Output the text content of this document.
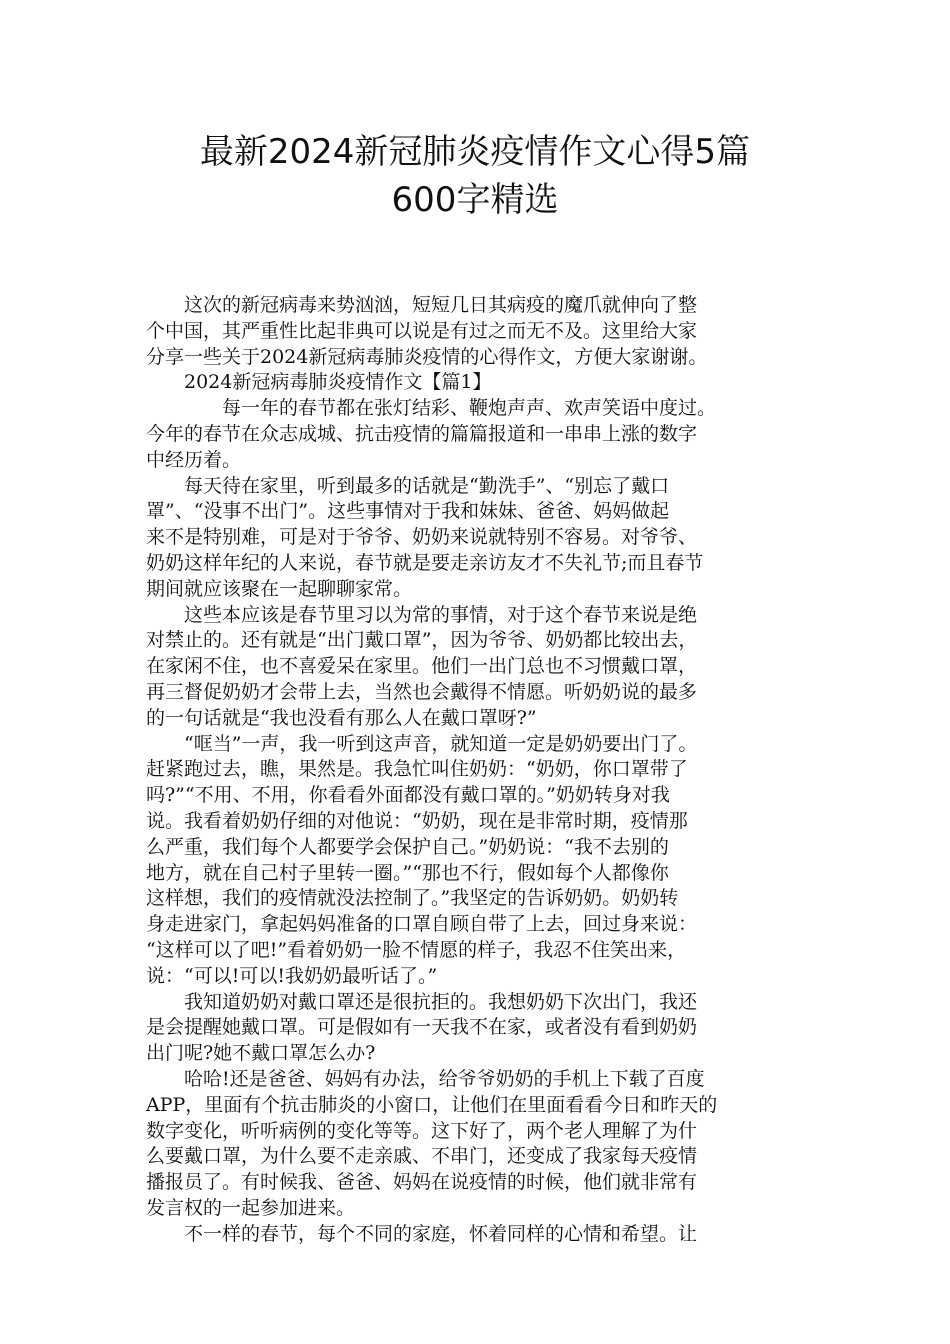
最新2024新冠肺炎疫情作文心得5篇
600字精选
　　这次的新冠病毒来势汹汹，短短几日其病疫的魔爪就伸向了整
个中国，其严重性比起非典可以说是有过之而无不及。这里给大家
分享一些关于2024新冠病毒肺炎疫情的心得作文，方便大家谢谢。
　　2024新冠病毒肺炎疫情作文【篇1】
　　　　每一年的春节都在张灯结彩、鞭炮声声、欢声笑语中度过。
今年的春节在众志成城、抗击疫情的篇篇报道和一串串上涨的数字
中经历着。
　　每天待在家里，听到最多的话就是“勤洗手”、“别忘了戴口
罩”、“没事不出门”。这些事情对于我和妹妹、爸爸、妈妈做起
来不是特别难，可是对于爷爷、奶奶来说就特别不容易。对爷爷、
奶奶这样年纪的人来说，春节就是要走亲访友才不失礼节;而且春节
期间就应该聚在一起聊聊家常。
　　这些本应该是春节里习以为常的事情，对于这个春节来说是绝
对禁止的。还有就是“出门戴口罩”，因为爷爷、奶奶都比较出去，
在家闲不住，也不喜爱呆在家里。他们一出门总也不习惯戴口罩，
再三督促奶奶才会带上去，当然也会戴得不情愿。听奶奶说的最多
的一句话就是“我也没看有那么人在戴口罩呀?”
　　“哐当”一声，我一听到这声音，就知道一定是奶奶要出门了。
赶紧跑过去，瞧，果然是。我急忙叫住奶奶：“奶奶，你口罩带了
吗?”“不用、不用，你看看外面都没有戴口罩的。”奶奶转身对我
说。我看着奶奶仔细的对他说：“奶奶，现在是非常时期，疫情那
么严重，我们每个人都要学会保护自己。”奶奶说：“我不去别的
地方，就在自己村子里转一圈。”“那也不行，假如每个人都像你
这样想，我们的疫情就没法控制了。”我坚定的告诉奶奶。奶奶转
身走进家门，拿起妈妈准备的口罩自顾自带了上去，回过身来说：
“这样可以了吧!”看着奶奶一脸不情愿的样子，我忍不住笑出来，
说：“可以!可以!我奶奶最听话了。”
　　我知道奶奶对戴口罩还是很抗拒的。我想奶奶下次出门，我还
是会提醒她戴口罩。可是假如有一天我不在家，或者没有看到奶奶
出门呢?她不戴口罩怎么办?
　　哈哈!还是爸爸、妈妈有办法，给爷爷奶奶的手机上下载了百度
APP，里面有个抗击肺炎的小窗口，让他们在里面看看今日和昨天的
数字变化，听听病例的变化等等。这下好了，两个老人理解了为什
么要戴口罩，为什么要不走亲戚、不串门，还变成了我家每天疫情
播报员了。有时候我、爸爸、妈妈在说疫情的时候，他们就非常有
发言权的一起参加进来。
　　不一样的春节，每个不同的家庭，怀着同样的心情和希望。让
